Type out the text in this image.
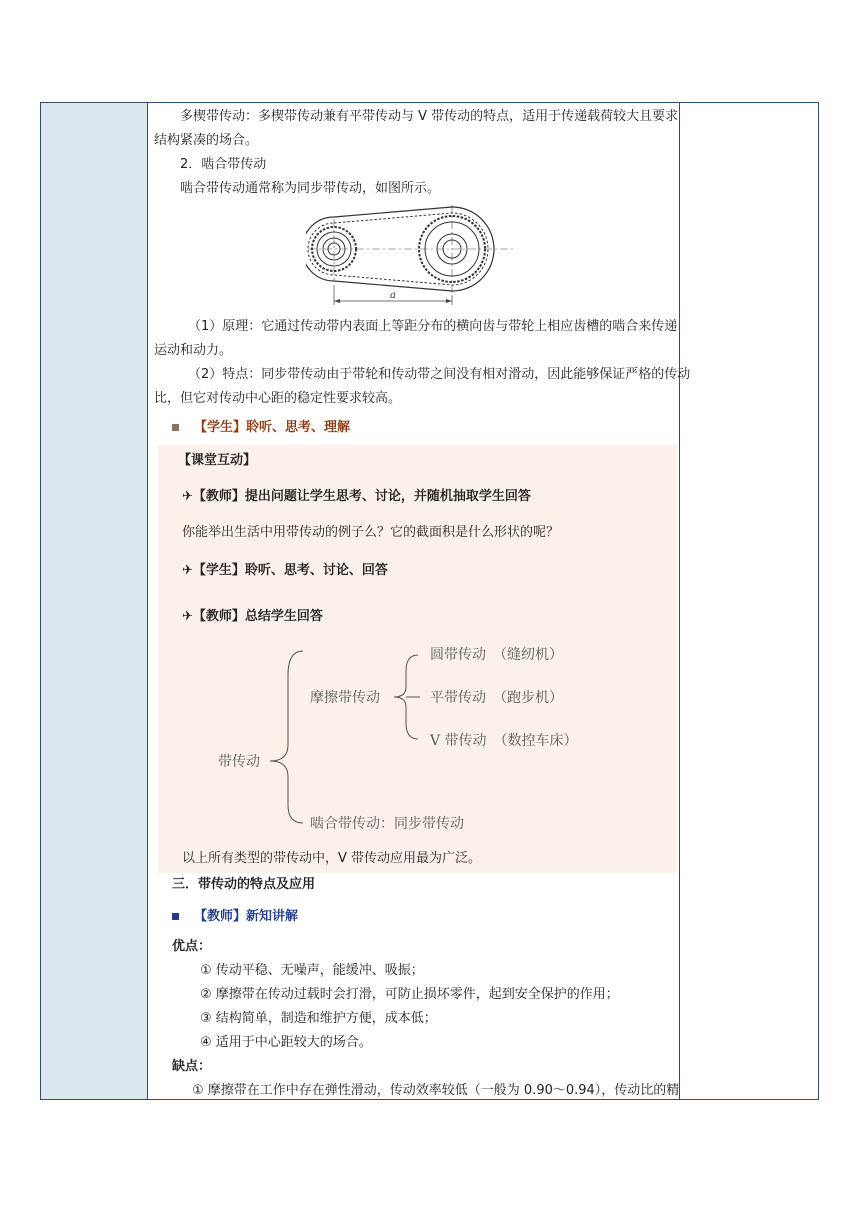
多楔带传动：多楔带传动兼有平带传动与 V 带传动的特点，适用于传递载荷较大且要求
结构紧凑的场合。
2．啮合带传动
啮合带传动通常称为同步带传动，如图所示。
a
（1）原理：它通过传动带内表面上等距分布的横向齿与带轮上相应齿槽的啮合来传递
运动和动力。
（2）特点：同步带传动由于带轮和传动带之间没有相对滑动，因此能够保证严格的传动
比，但它对传动中心距的稳定性要求较高。
【学生】聆听、思考、理解
【课堂互动】
✈【教师】提出问题让学生思考、讨论，并随机抽取学生回答
你能举出生活中用带传动的例子么？它的截面积是什么形状的呢？
✈【学生】聆听、思考、讨论、回答
✈【教师】总结学生回答
带传动
摩擦带传动
圆带传动　（缝纫机）
平带传动　（跑步机）
V 带传动　（数控车床）
啮合带传动：同步带传动
以上所有类型的带传动中，V 带传动应用最为广泛。
三．带传动的特点及应用
【教师】新知讲解
优点：
① 传动平稳、无噪声，能缓冲、吸振；
② 摩擦带在传动过载时会打滑，可防止损坏零件，起到安全保护的作用；
③ 结构简单，制造和维护方便，成本低；
④ 适用于中心距较大的场合。
缺点：
① 摩擦带在工作中存在弹性滑动，传动效率较低（一般为 0.90～0.94），传动比的精
